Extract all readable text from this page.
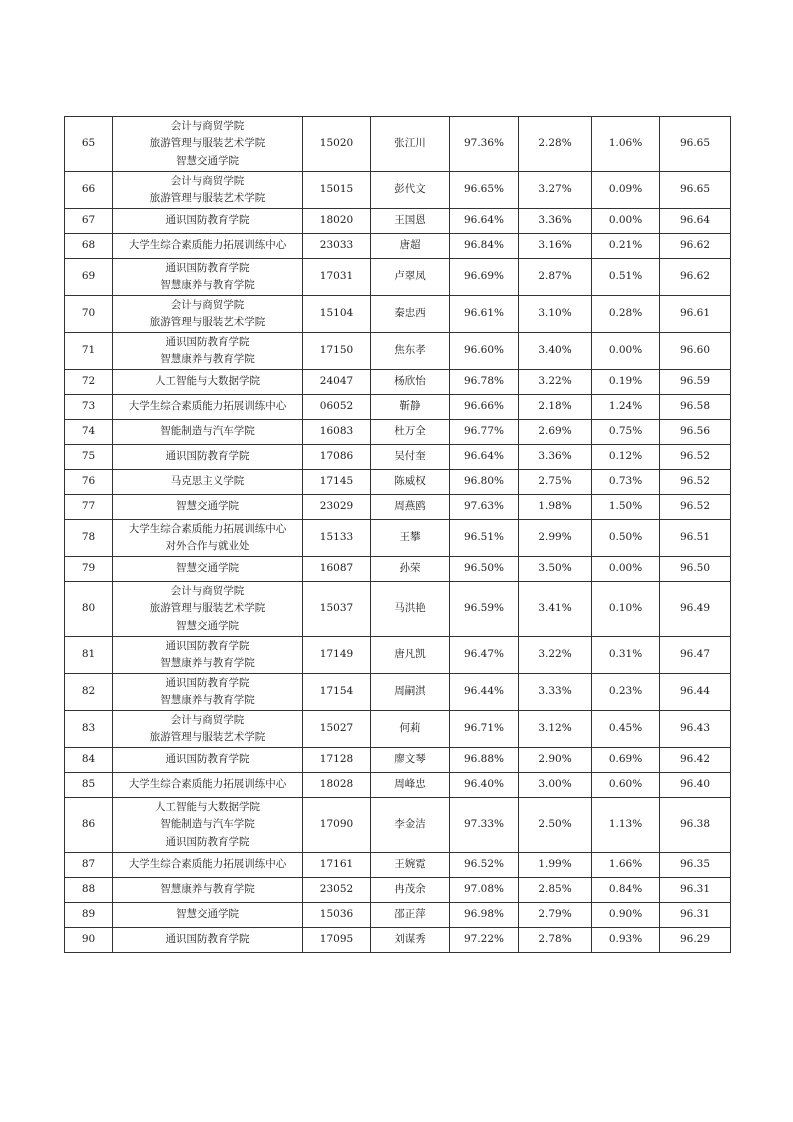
65	会计与商贸学院
旅游管理与服装艺术学院
智慧交通学院	15020	张江川	97.36%	2.28%	1.06%	96.65
66	会计与商贸学院
旅游管理与服装艺术学院	15015	彭代文	96.65%	3.27%	0.09%	96.65
67	通识国防教育学院	18020	王国恩	96.64%	3.36%	0.00%	96.64
68	大学生综合素质能力拓展训练中心	23033	唐超	96.84%	3.16%	0.21%	96.62
69	通识国防教育学院
智慧康养与教育学院	17031	卢翠凤	96.69%	2.87%	0.51%	96.62
70	会计与商贸学院
旅游管理与服装艺术学院	15104	秦忠西	96.61%	3.10%	0.28%	96.61
71	通识国防教育学院
智慧康养与教育学院	17150	焦东孝	96.60%	3.40%	0.00%	96.60
72	人工智能与大数据学院	24047	杨欣怡	96.78%	3.22%	0.19%	96.59
73	大学生综合素质能力拓展训练中心	06052	靳静	96.66%	2.18%	1.24%	96.58
74	智能制造与汽车学院	16083	杜万全	96.77%	2.69%	0.75%	96.56
75	通识国防教育学院	17086	吴付奎	96.64%	3.36%	0.12%	96.52
76	马克思主义学院	17145	陈威权	96.80%	2.75%	0.73%	96.52
77	智慧交通学院	23029	周燕鸥	97.63%	1.98%	1.50%	96.52
78	大学生综合素质能力拓展训练中心
对外合作与就业处	15133	王攀	96.51%	2.99%	0.50%	96.51
79	智慧交通学院	16087	孙荣	96.50%	3.50%	0.00%	96.50
80	会计与商贸学院
旅游管理与服装艺术学院
智慧交通学院	15037	马洪艳	96.59%	3.41%	0.10%	96.49
81	通识国防教育学院
智慧康养与教育学院	17149	唐凡凯	96.47%	3.22%	0.31%	96.47
82	通识国防教育学院
智慧康养与教育学院	17154	周嗣淇	96.44%	3.33%	0.23%	96.44
83	会计与商贸学院
旅游管理与服装艺术学院	15027	何莉	96.71%	3.12%	0.45%	96.43
84	通识国防教育学院	17128	廖文琴	96.88%	2.90%	0.69%	96.42
85	大学生综合素质能力拓展训练中心	18028	周峰忠	96.40%	3.00%	0.60%	96.40
86	人工智能与大数据学院
智能制造与汽车学院
通识国防教育学院	17090	李金洁	97.33%	2.50%	1.13%	96.38
87	大学生综合素质能力拓展训练中心	17161	王婉霓	96.52%	1.99%	1.66%	96.35
88	智慧康养与教育学院	23052	冉茂余	97.08%	2.85%	0.84%	96.31
89	智慧交通学院	15036	邵正萍	96.98%	2.79%	0.90%	96.31
90	通识国防教育学院	17095	刘谋秀	97.22%	2.78%	0.93%	96.29
